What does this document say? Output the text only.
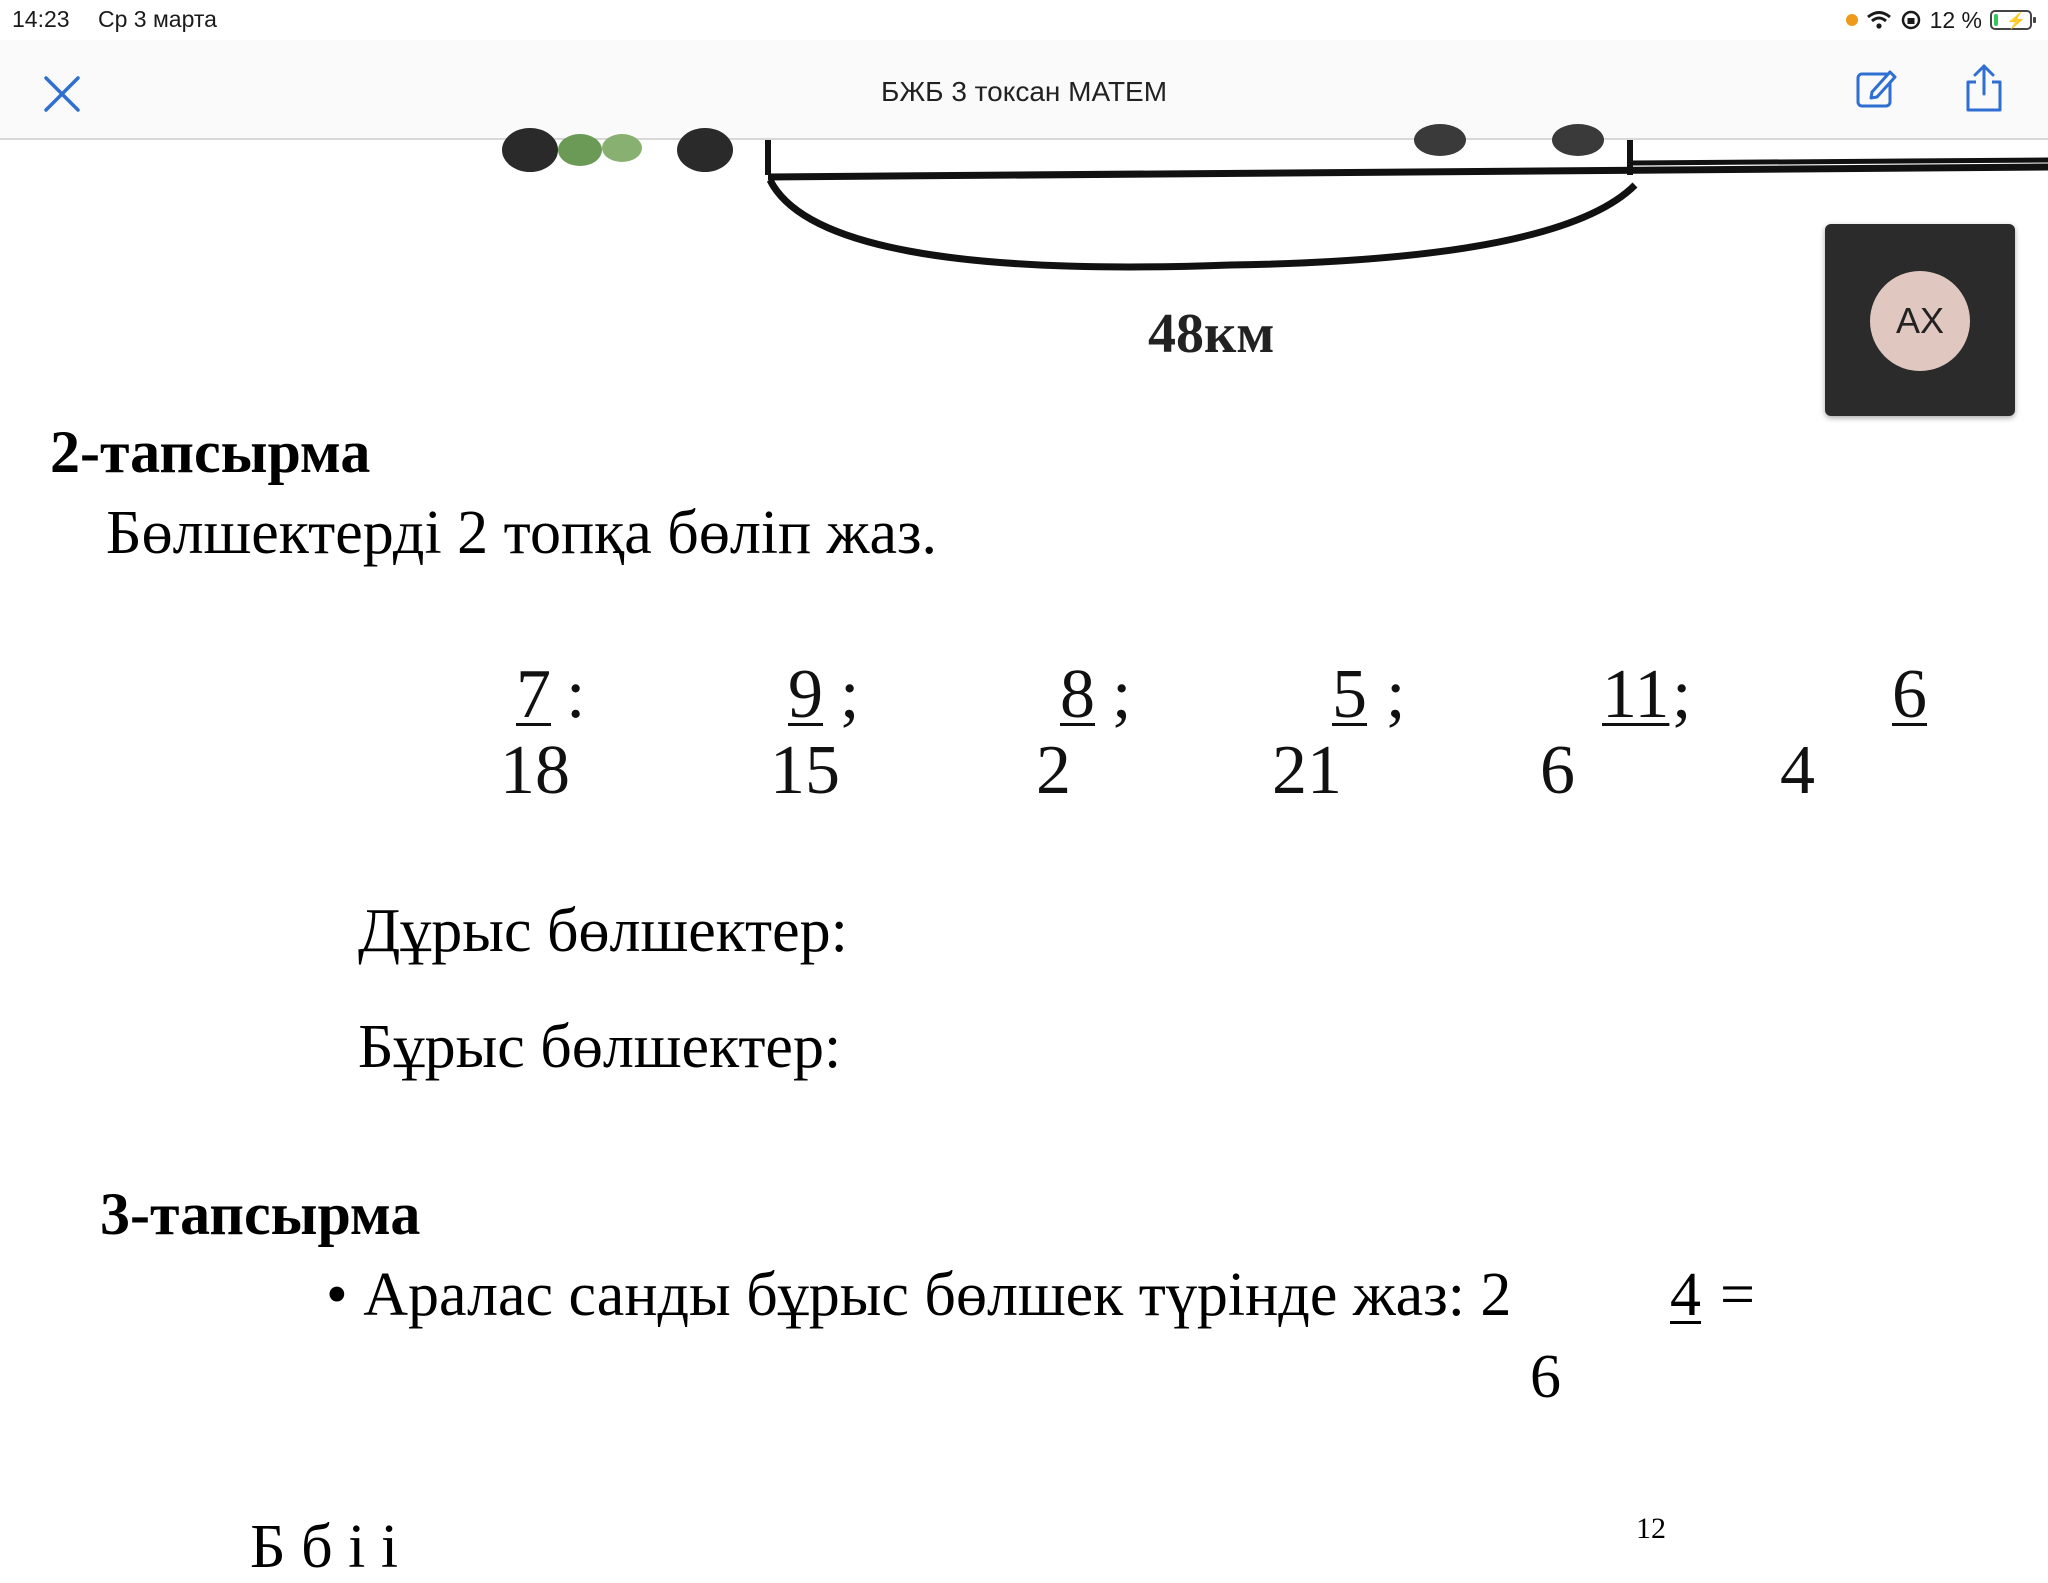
14:23 Ср 3 марта	12 % ⚡
БЖБ 3 токсан МАТЕМ
48км
2-тапсырма
Бөлшектерді 2 топқа бөліп жаз.
7 :
18
9 ;
15
8 ;
2
5 ;
21
11 ;
6
6
4
Дұрыс бөлшектер:
Бұрыс бөлшектер:
3-тапсырма
• Аралас санды бұрыс бөлшек түрінде жаз: 2	4 =
6
Б б і і	12
АХ
